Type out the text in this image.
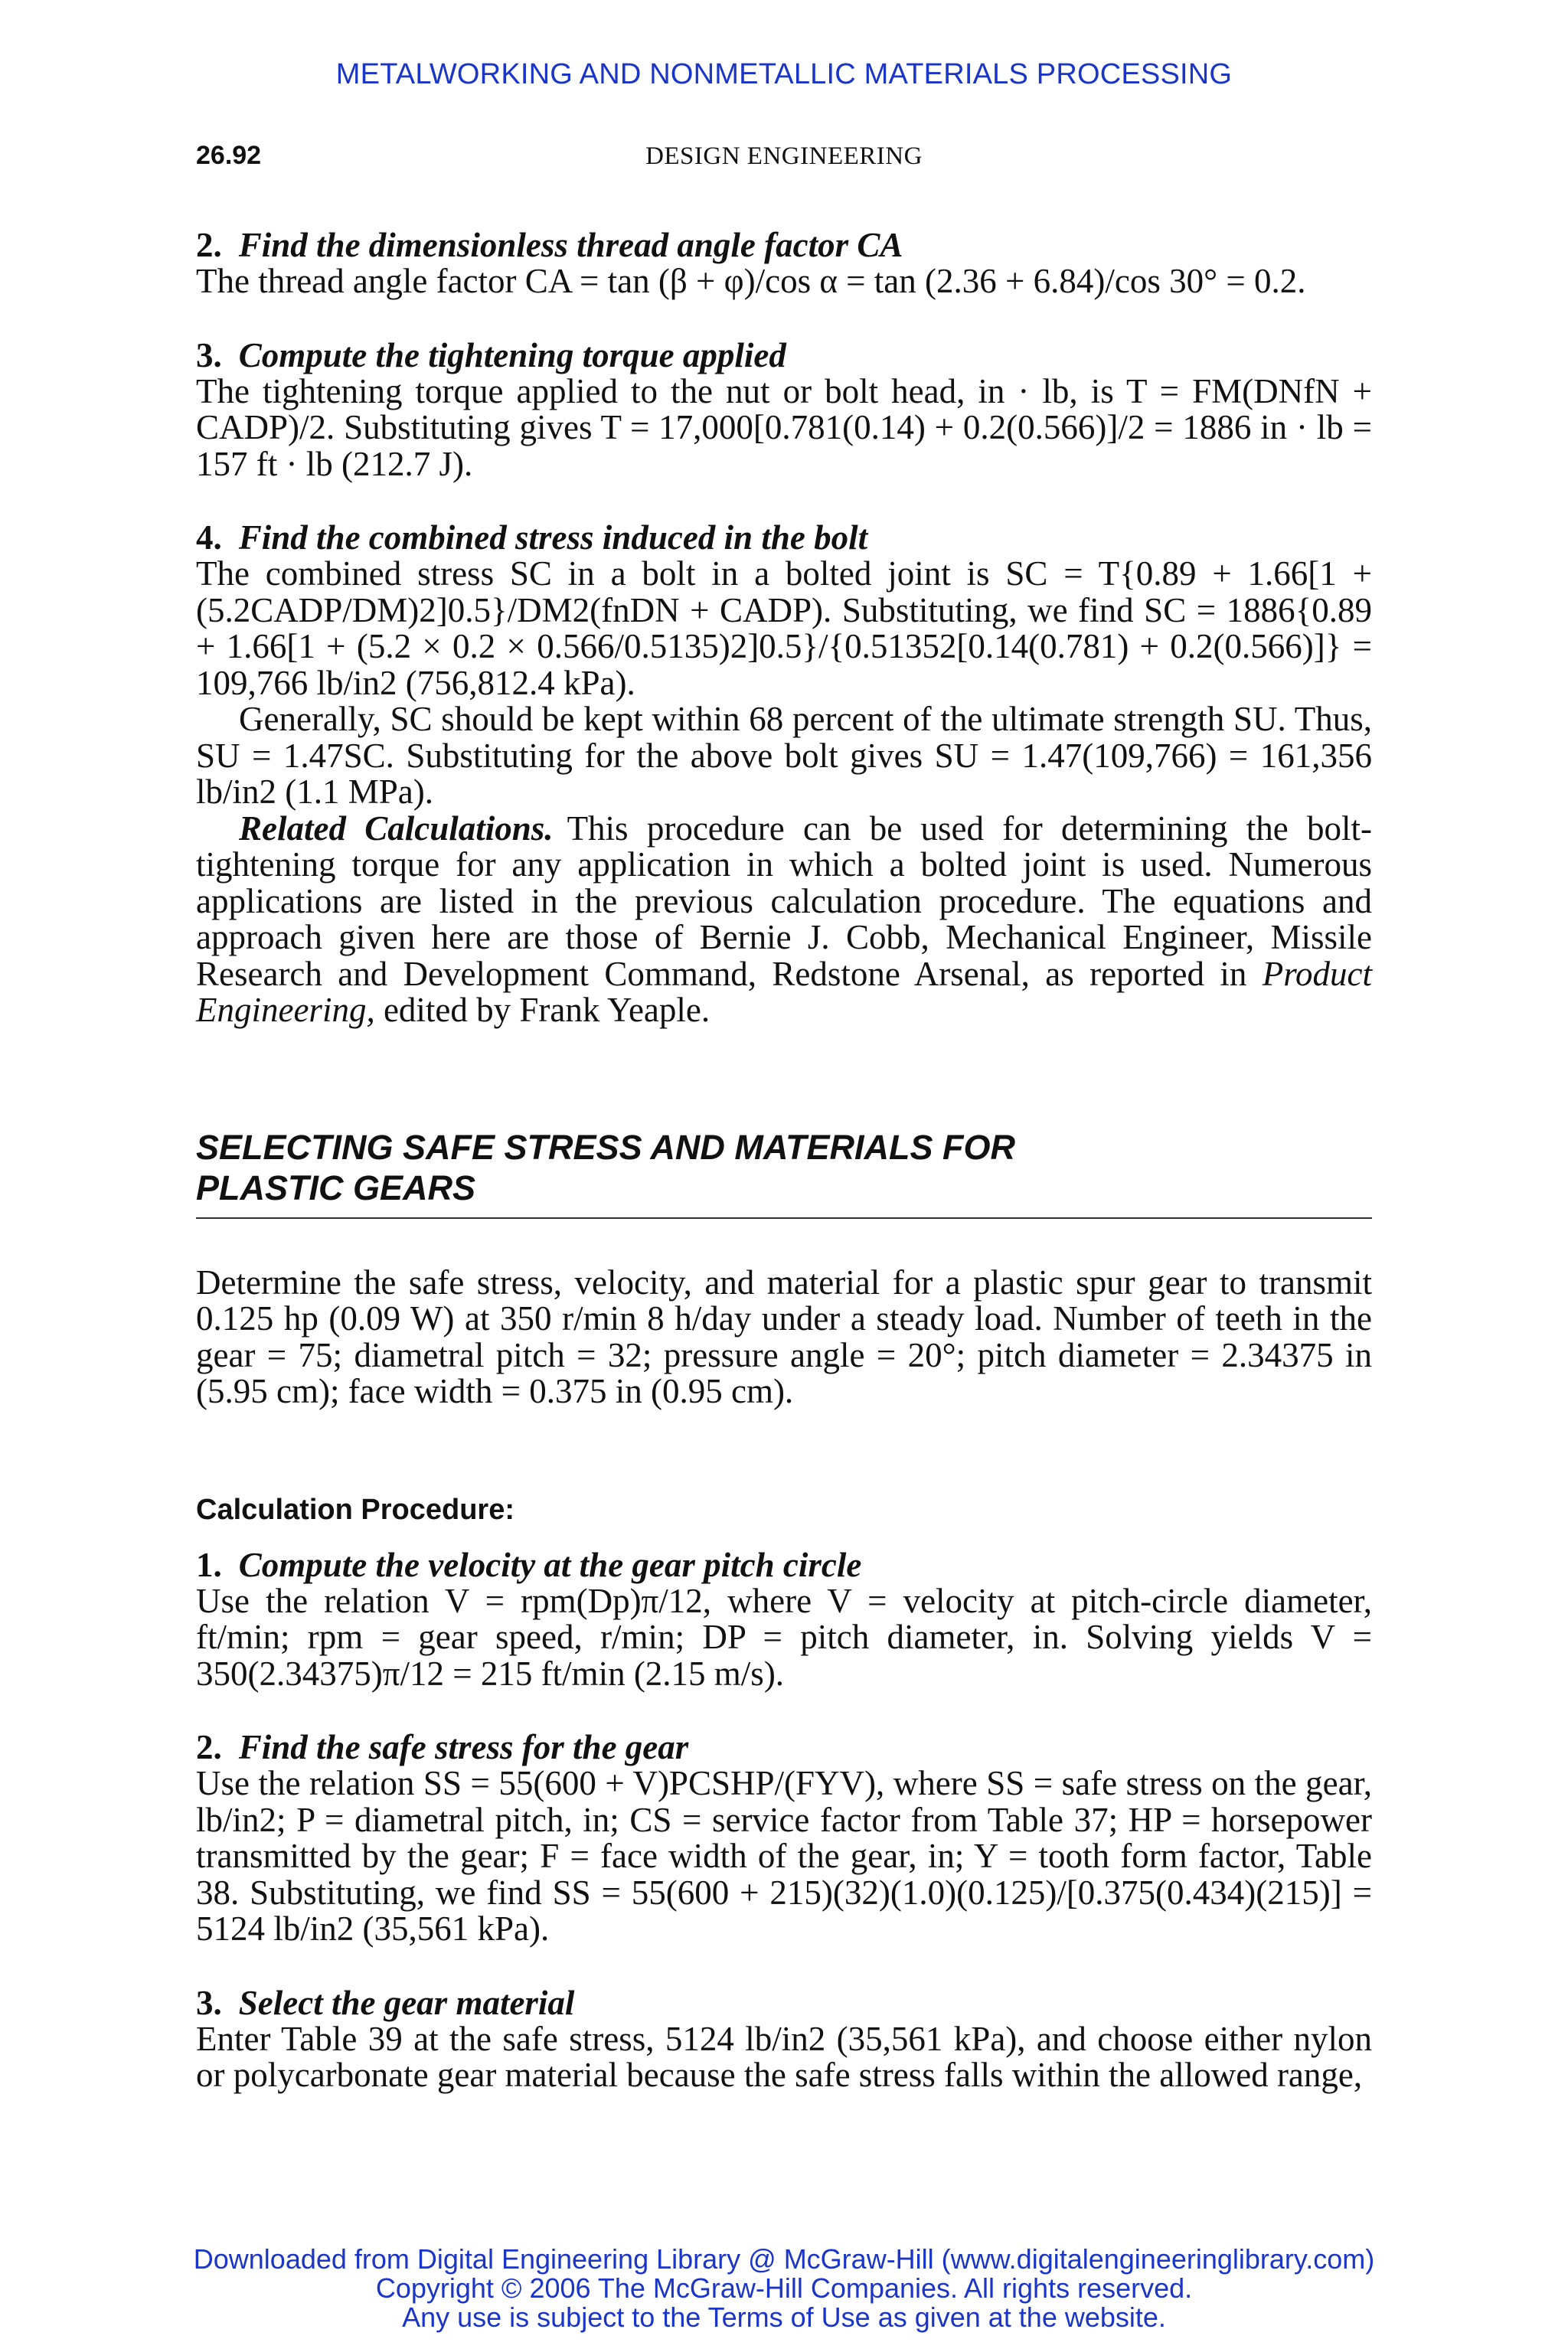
METALWORKING AND NONMETALLIC MATERIALS PROCESSING
26.92	DESIGN ENGINEERING

2. Find the dimensionless thread angle factor CA

The thread angle factor CA = tan (β + φ)/cos α = tan (2.36 + 6.84)/cos 30° = 0.2.

3. Compute the tightening torque applied

The tightening torque applied to the nut or bolt head, in · lb, is T = FM(DNfN + CADP)/2. Substituting gives T = 17,000[0.781(0.14) + 0.2(0.566)]/2 = 1886 in · lb = 157 ft · lb (212.7 J).

4. Find the combined stress induced in the bolt

The combined stress SC in a bolt in a bolted joint is SC = T{0.89 + 1.66[1 + (5.2CADP/DM)2]0.5}/DM2(fnDN + CADP). Substituting, we find SC = 1886{0.89 + 1.66[1 + (5.2 × 0.2 × 0.566/0.5135)2]0.5}/{0.51352[0.14(0.781) + 0.2(0.566)]} = 109,766 lb/in2 (756,812.4 kPa).

Generally, SC should be kept within 68 percent of the ultimate strength SU. Thus, SU = 1.47SC. Substituting for the above bolt gives SU = 1.47(109,766) = 161,356 lb/in2 (1.1 MPa).

Related Calculations. This procedure can be used for determining the bolt-tightening torque for any application in which a bolted joint is used. Numerous applications are listed in the previous calculation procedure. The equations and approach given here are those of Bernie J. Cobb, Mechanical Engineer, Missile Research and Development Command, Redstone Arsenal, as reported in Product Engineering, edited by Frank Yeaple.

SELECTING SAFE STRESS AND MATERIALS FOR
PLASTIC GEARS

Determine the safe stress, velocity, and material for a plastic spur gear to transmit 0.125 hp (0.09 W) at 350 r/min 8 h/day under a steady load. Number of teeth in the gear = 75; diametral pitch = 32; pressure angle = 20°; pitch diameter = 2.34375 in (5.95 cm); face width = 0.375 in (0.95 cm).

Calculation Procedure:

1. Compute the velocity at the gear pitch circle

Use the relation V = rpm(Dp)π/12, where V = velocity at pitch-circle diameter, ft/min; rpm = gear speed, r/min; DP = pitch diameter, in. Solving yields V = 350(2.34375)π/12 = 215 ft/min (2.15 m/s).

2. Find the safe stress for the gear

Use the relation SS = 55(600 + V)PCSHP/(FYV), where SS = safe stress on the gear, lb/in2; P = diametral pitch, in; CS = service factor from Table 37; HP = horsepower transmitted by the gear; F = face width of the gear, in; Y = tooth form factor, Table 38. Substituting, we find SS = 55(600 + 215)(32)(1.0)(0.125)/[0.375(0.434)(215)] = 5124 lb/in2 (35,561 kPa).

3. Select the gear material

Enter Table 39 at the safe stress, 5124 lb/in2 (35,561 kPa), and choose either nylon or polycarbonate gear material because the safe stress falls within the allowed range,

Downloaded from Digital Engineering Library @ McGraw-Hill (www.digitalengineeringlibrary.com)
Copyright © 2006 The McGraw-Hill Companies. All rights reserved.
Any use is subject to the Terms of Use as given at the website.
